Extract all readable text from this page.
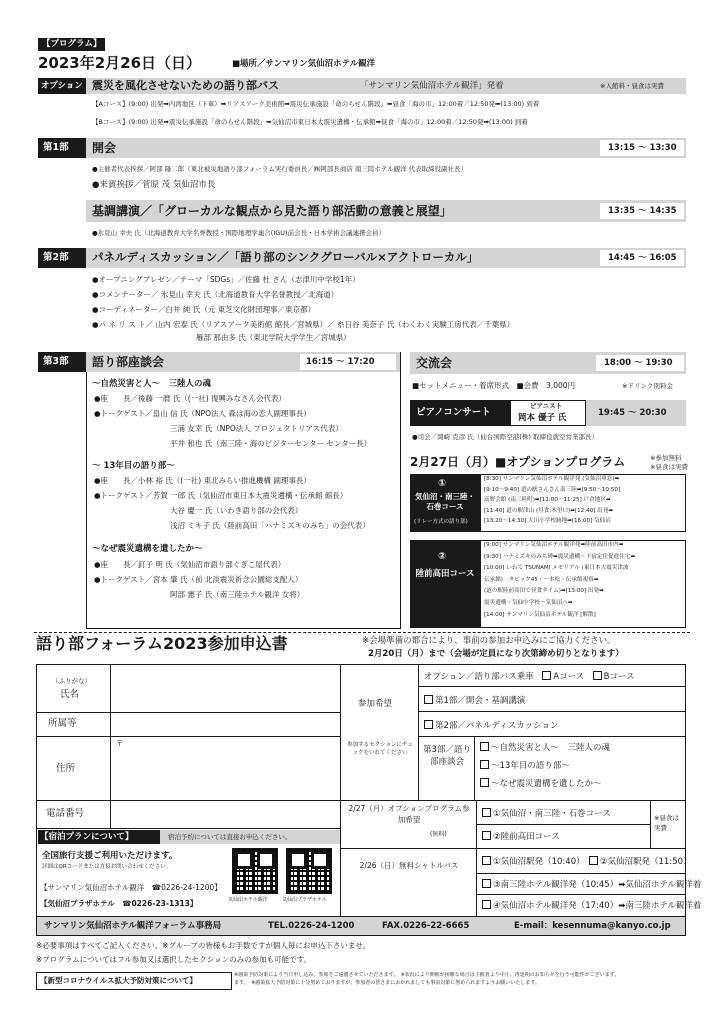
【プログラム】
2023年2月26日（日）	■場所／サンマリン気仙沼ホテル観洋
オプション 震災を風化させないための語り部バス	「サンマリン気仙沼ホテル観洋」発着	※入館料・昼食は実費
【Aコース】(9:00) 出発➡内湾地区（下車）➡リアスアーク美術館➡震災伝承施設「命のらせん階段」➡昼食「海の市」12:00着／12:50発➡(13:00) 到着
【Bコース】(9:00) 出発➡震災伝承施設「命のらせん階段」➡気仙沼市東日本大震災遺構・伝承館➡昼食「海の市」12:00着／12:50発➡(13:00) 到着
第1部 開会	13:15 ～ 13:30
●主催者代表挨拶／阿部 隆二郎（東北被災地語り部フォーラム実行委員長／㈱阿部長商店 南三陸ホテル観洋 代表取締役副社長）
●来賓挨拶／菅原 茂 気仙沼市長
基調講演／「グローカルな観点から見た語り部活動の意義と展望」	13:35 ～ 14:35
●氷見山 幸夫 氏（北海道教育大学名誉教授・国際地理学連合(IGU)前会長・日本学術会議連携会員）
第2部 パネルディスカッション／「語り部のシンクグローバル×アクトローカル」	14:45 ～ 16:05
●オープニングプレゼン／テーマ「SDGs」／佐藤 杜 さん（志津川中学校1年）
●コメンテーター／ 氷見山 幸夫 氏（北海道教育大学名誉教授／北海道）
●コーディネーター／白井 純 氏（元 東芝文化財団理事／東京都）
●パ ネ リ ス ト／ 山内 宏泰 氏（リアスアーク美術館 館長／宮城県）／ 糸日谷 美奈子 氏（わくわく実験工房代表／千葉県）
雁部 那由多 氏（東北学院大学学生／宮城県）
第3部 語り部座談会	16:15 ～ 17:20
～自然災害と人～　三陸人の魂
●座　　長／後藤 一磨 氏（(一社) 復興みなさん会代表）
●トークゲスト／畠山 信 氏（NPO法人 森は海の恋人副理事長）
三浦 友幸 氏（NPO法人 プロジェクトリアス代表）
平井 和也 氏（南三陸・海のビジターセンター センター長）
～ 13年目の語り部～
●座　　長／小林 裕 氏（(一社) 東北みらい推進機構 副理事長）
●トークゲスト／芳賀 一郎 氏（気仙沼市東日本大震災遺構・伝承館 館長）
大谷 慶一 氏（いわき語り部の会代表）
浅沼 ミキ子 氏（陸前高田「ハナミズキのみち」の会代表）
～なぜ震災遺構を遺したか～
●座　　長／釘子 明 氏（気仙沼市語り部ぐぎこ屋代表）
●トークゲスト／宮本 肇 氏（前 北淡震災祈念公園総支配人）
阿部 憲子 氏（南三陸ホテル観洋 女将）
交流会	18:00 ～ 19:30
■セットメニュー・着席形式　■会費　3,000円	※ドリンク別料金
ピアノコンサート
ピアニスト
岡本 優子 氏	19:45 ～ 20:30
●司会／岡崎 克彦 氏（仙台国際空港(株) 取締役就空営業部長）
2月27日（月）■オプションプログラム	※参加無料
※昼食は実費
①
気仙沼・南三陸・石巻コース
(リレー方式の語り部)
[8:30] サンマリン気仙沼ホテル観洋発 (気仙沼車窓)➡
[9:10～9:40] 道の駅さんさん南三陸➡[9:50～10:50]
高野会館 (南三陸町)➡[11:00～11:25] 戸倉地区➡
[11:40] 道の駅津山 (昼食:木里口)➡[12:40] 出発➡
[13:20～14:30] 大川小学校跡地➡[16:00] 気仙沼
②
陸前高田コース
[9:00] サンマリン気仙沼ホテル観洋発➡陸前高田市内➡
[9:30] ハナミズキのみち碑➡震災遺構・下宿定住促進住宅➡
[10:00] いわて TSUNAMI メモリアル (東日本大震災津波
伝承館)　タピック45・一本松・伝承館視察➡
(道の駅陸前高田で昼食タイム)➡[13:00] 出発➡
震災遺構・気仙中学校～気仙沼へ➡
[14:00] サンマリン気仙沼ホテル観洋 [解散]
語り部フォーラム2023参加申込書	※会場準備の都合により、事前の参加お申込みにご協力ください。
2月20日（月）まで（会場が定員になり次第締め切りとなります）
（ふりがな）
氏名
所属等
住所
〒
電話番号
【宿泊プランについて】	宿泊予約については直接お申込ください。
全国旅行支援ご利用いただけます。
詳細はQRコードまたは直接お問い合わせください。
【サンマリン気仙沼ホテル観洋　☎0226-24-1200】
【気仙沼プラザホテル　☎0226-23-1313】	気仙沼ホテル観洋	気仙沼プラザホテル
参加希望
参加するセクションにチェックをいれてください
オプション／語り部バス乗車　 Aコース　 Bコース
第1部／開会・基調講演
第2部／パネルディスカッション
第3部／語り部座談会
～自然災害と人～　三陸人の魂
～13年目の語り部～
～なぜ震災遺構を遺したか～
2/27（月）オプションプログラム参加希望
(無料)
①気仙沼・南三陸・石巻コース
②陸前高田コース
※昼食は実費
2/26（日）無料シャトルバス	①気仙沼駅発（10:40）　 ②気仙沼駅発（11:50）
③南三陸ホテル観洋発（10:45）➡気仙沼ホテル観洋着
④気仙沼ホテル観洋発（17:40）➡南三陸ホテル観洋着
サンマリン気仙沼ホテル観洋フォーラム事務局	TEL.0226-24-1200	FAX.0226-22-6665	E-mail：kesennuma@kanyo.co.jp
※必要事項はすべてご記入ください。※グループの皆様もお手数ですが個人毎にお申込下さいませ。
※プログラムについてはフル参加又は選択したセクションのみの参加も可能です。
【新型コロナウイルス拡大予防対策について】
※感染予防対策により当日申し込み、参席をご遠慮させていただきます。　※状況により開催が困難な場合は主催者より中止、再延期のお知らせを行う可能性がございます。
ます。　※感染拡大予防対策に十分努めておりますが、参加者の皆さまにおかれましても事前対策に努められますようお願いいたします。
